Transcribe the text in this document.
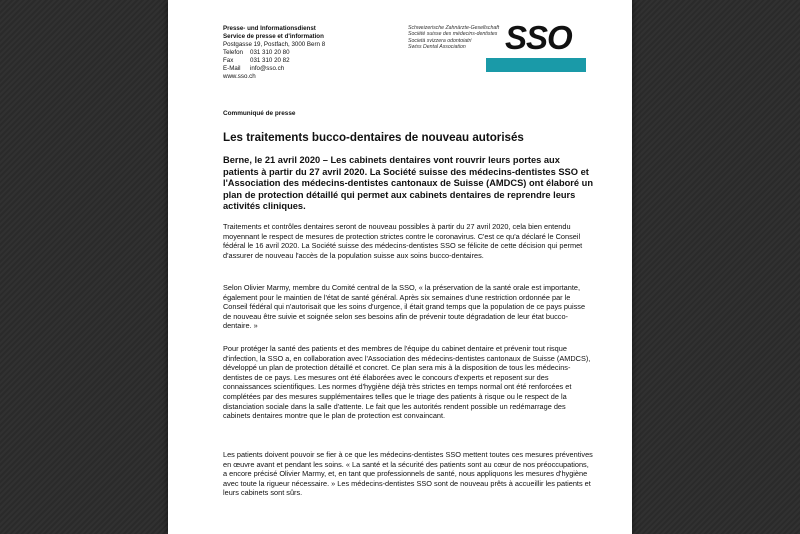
Presse- und Informationsdienst
Service de presse et d'information
Postgasse 19, Postfach, 3000 Bern 8
Telefon	031 310 20 80
Fax	031 310 20 82
E-Mail	info@sso.ch
www.sso.ch
Schweizerische Zahnärzte-Gesellschaft
Société suisse des médecins-dentistes
Società svizzera odontoiatri
Swiss Dental Association	SSO
Communiqué de presse
Les traitements bucco-dentaires de nouveau autorisés
Berne, le 21 avril 2020 – Les cabinets dentaires vont rouvrir leurs portes aux patients à partir du 27 avril 2020. La Société suisse des médecins-dentistes SSO et l'Association des médecins-dentistes cantonaux de Suisse (AMDCS) ont élaboré un plan de protection détaillé qui permet aux cabinets dentaires de reprendre leurs activités cliniques.
Traitements et contrôles dentaires seront de nouveau possibles à partir du 27 avril 2020, cela bien entendu moyennant le respect de mesures de protection strictes contre le coronavirus. C'est ce qu'a déclaré le Conseil fédéral le 16 avril 2020. La Société suisse des médecins-dentistes SSO se félicite de cette décision qui permet d'assurer de nouveau l'accès de la population suisse aux soins bucco-dentaires.
Selon Olivier Marmy, membre du Comité central de la SSO, « la préservation de la santé orale est importante, également pour le maintien de l'état de santé général. Après six semaines d'une restriction ordonnée par le Conseil fédéral qui n'autorisait que les soins d'urgence, il était grand temps que la population de ce pays puisse de nouveau être suivie et soignée selon ses besoins afin de prévenir toute dégradation de leur état bucco-dentaire. »
Pour protéger la santé des patients et des membres de l'équipe du cabinet dentaire et prévenir tout risque d'infection, la SSO a, en collaboration avec l'Association des médecins-dentistes cantonaux de Suisse (AMDCS), développé un plan de protection détaillé et concret. Ce plan sera mis à la disposition de tous les médecins-dentistes de ce pays. Les mesures ont été élaborées avec le concours d'experts et reposent sur des connaissances scientifiques. Les normes d'hygiène déjà très strictes en temps normal ont été renforcées et complétées par des mesures supplémentaires telles que le triage des patients à risque ou le respect de la distanciation sociale dans la salle d'attente. Le fait que les autorités rendent possible un redémarrage des cabinets dentaires montre que le plan de protection est convaincant.
Les patients doivent pouvoir se fier à ce que les médecins-dentistes SSO mettent toutes ces mesures préventives en œuvre avant et pendant les soins. « La santé et la sécurité des patients sont au cœur de nos préoccupations, a encore précisé Olivier Marmy, et, en tant que professionnels de santé, nous appliquons les mesures d'hygiène avec toute la rigueur nécessaire. » Les médecins-dentistes SSO sont de nouveau prêts à accueillir les patients et leurs cabinets sont sûrs.
